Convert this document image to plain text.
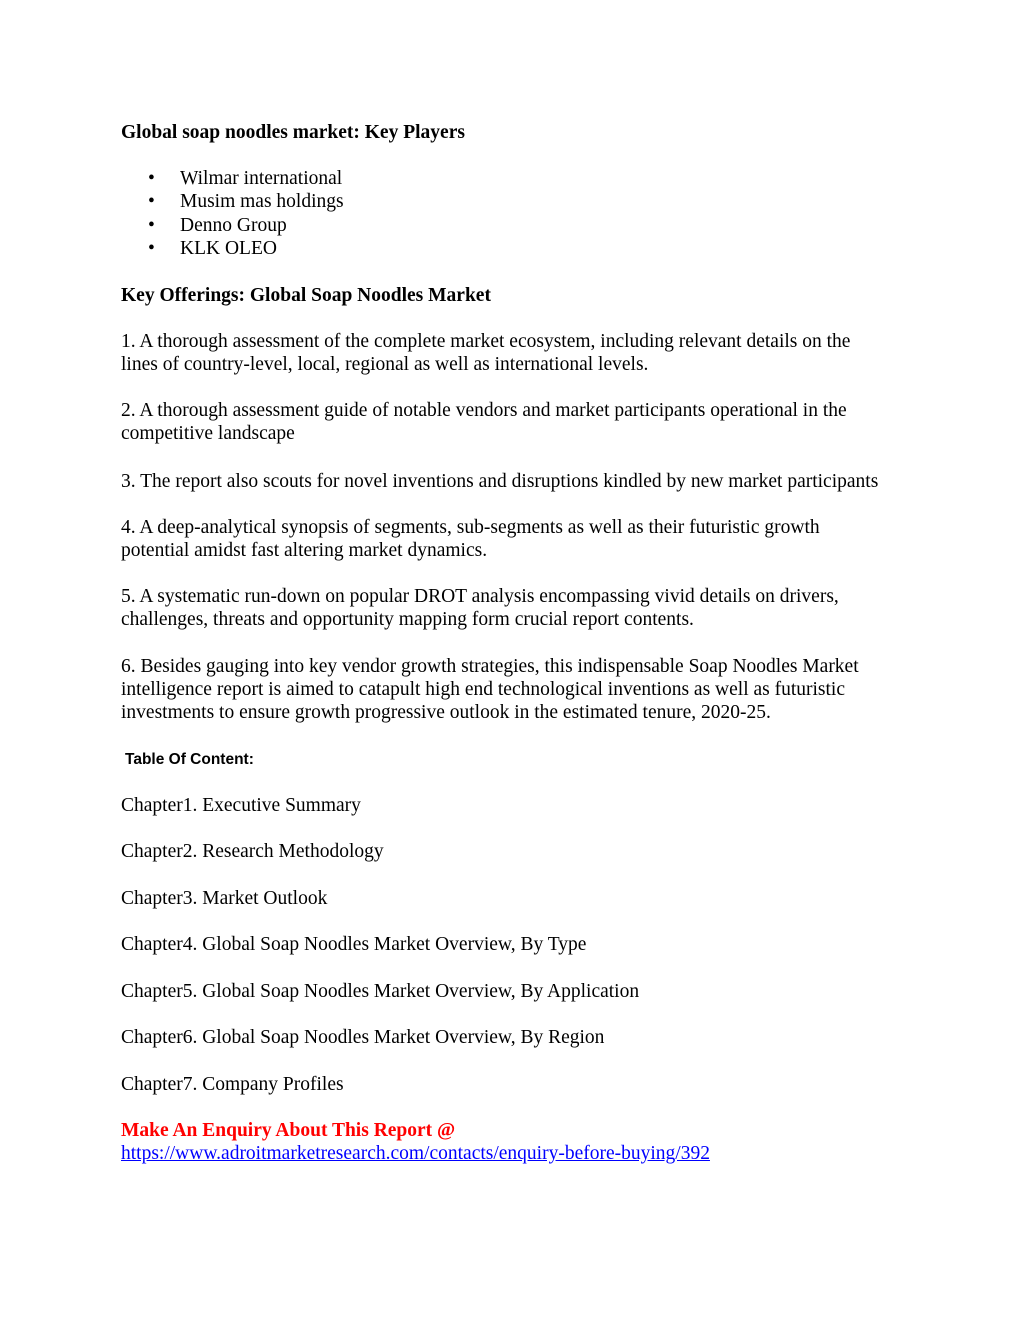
Global soap noodles market: Key Players
• Wilmar international
• Musim mas holdings
• Denno Group
• KLK OLEO
Key Offerings: Global Soap Noodles Market
1. A thorough assessment of the complete market ecosystem, including relevant details on the
lines of country-level, local, regional as well as international levels.
2. A thorough assessment guide of notable vendors and market participants operational in the
competitive landscape
3. The report also scouts for novel inventions and disruptions kindled by new market participants
4. A deep-analytical synopsis of segments, sub-segments as well as their futuristic growth
potential amidst fast altering market dynamics.
5. A systematic run-down on popular DROT analysis encompassing vivid details on drivers,
challenges, threats and opportunity mapping form crucial report contents.
6. Besides gauging into key vendor growth strategies, this indispensable Soap Noodles Market
intelligence report is aimed to catapult high end technological inventions as well as futuristic
investments to ensure growth progressive outlook in the estimated tenure, 2020-25.
Table Of Content:
Chapter1. Executive Summary
Chapter2. Research Methodology
Chapter3. Market Outlook
Chapter4. Global Soap Noodles Market Overview, By Type
Chapter5. Global Soap Noodles Market Overview, By Application
Chapter6. Global Soap Noodles Market Overview, By Region
Chapter7. Company Profiles
Make An Enquiry About This Report @
https://www.adroitmarketresearch.com/contacts/enquiry-before-buying/392
